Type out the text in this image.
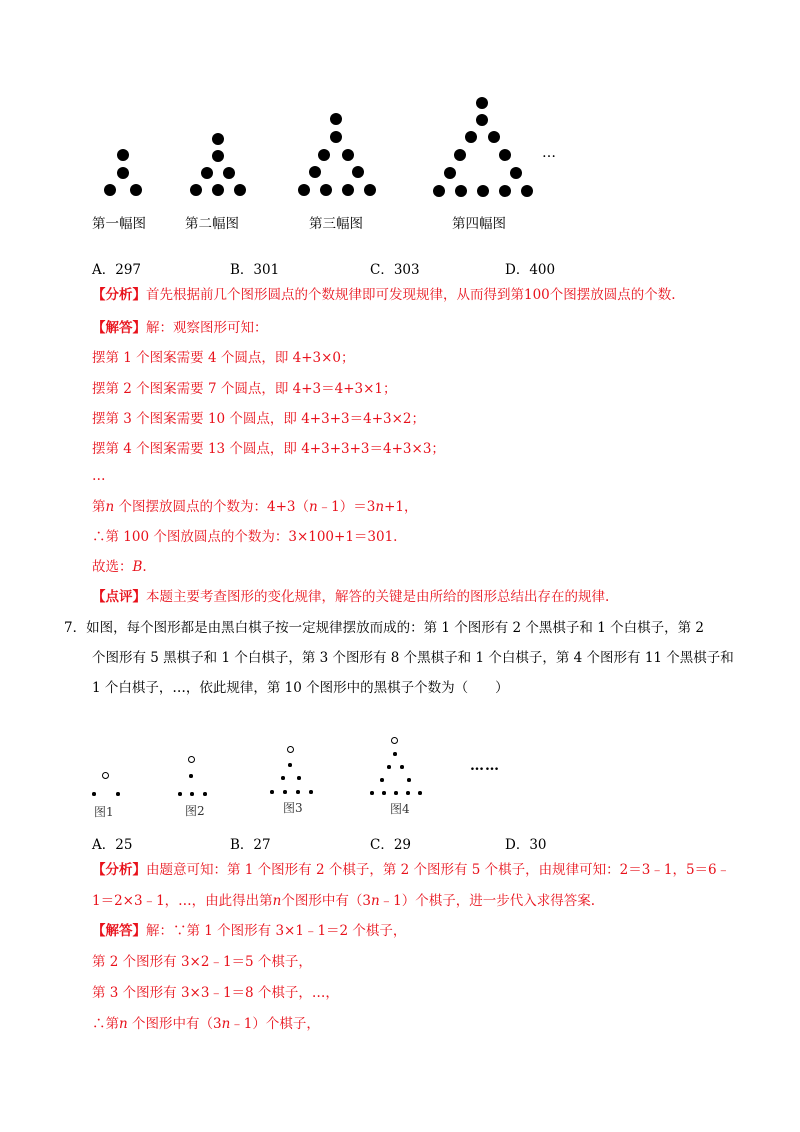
…
第一幅图	第二幅图	第三幅图	第四幅图
A．297	B．301	C．303	D．400
【分析】首先根据前几个图形圆点的个数规律即可发现规律，从而得到第100个图摆放圆点的个数.
【解答】解：观察图形可知：
摆第 1 个图案需要 4 个圆点，即 4+3×0；
摆第 2 个图案需要 7 个圆点，即 4+3＝4+3×1；
摆第 3 个图案需要 10 个圆点，即 4+3+3＝4+3×2；
摆第 4 个图案需要 13 个圆点，即 4+3+3+3＝4+3×3；
…
第n 个图摆放圆点的个数为：4+3（n﹣1）＝3n+1，
∴第 100 个图放圆点的个数为：3×100+1＝301.
故选：B.
【点评】本题主要考查图形的变化规律，解答的关键是由所给的图形总结出存在的规律.
7．如图，每个图形都是由黑白棋子按一定规律摆放而成的：第 1 个图形有 2 个黑棋子和 1 个白棋子，第 2
个图形有 5 黑棋子和 1 个白棋子，第 3 个图形有 8 个黑棋子和 1 个白棋子，第 4 个图形有 11 个黑棋子和
1 个白棋子，…，依此规律，第 10 个图形中的黑棋子个数为（　　）
……
图1	图2	图3	图4
A．25	B．27	C．29	D．30
【分析】由题意可知：第 1 个图形有 2 个棋子，第 2 个图形有 5 个棋子，由规律可知：2＝3﹣1，5＝6﹣
1＝2×3﹣1，…，由此得出第n个图形中有（3n﹣1）个棋子，进一步代入求得答案.
【解答】解：∵第 1 个图形有 3×1﹣1＝2 个棋子，
第 2 个图形有 3×2﹣1＝5 个棋子，
第 3 个图形有 3×3﹣1＝8 个棋子，…，
∴第n 个图形中有（3n﹣1）个棋子，
